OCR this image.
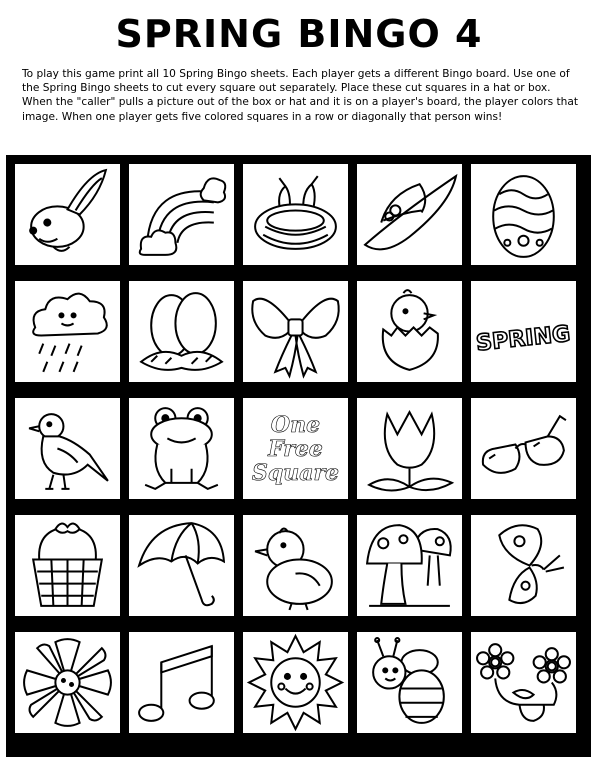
SPRING BINGO 4
To play this game print all 10 Spring Bingo sheets. Each player gets a different Bingo board. Use one of the Spring Bingo sheets to cut every square out separately. Place these cut squares in a hat or box. When the "caller" pulls a picture out of the box or hat and it is on a player's board, the player colors that image. When one player gets five colored squares in a row or diagonally that person wins!
SPRING
One
Free
Square
